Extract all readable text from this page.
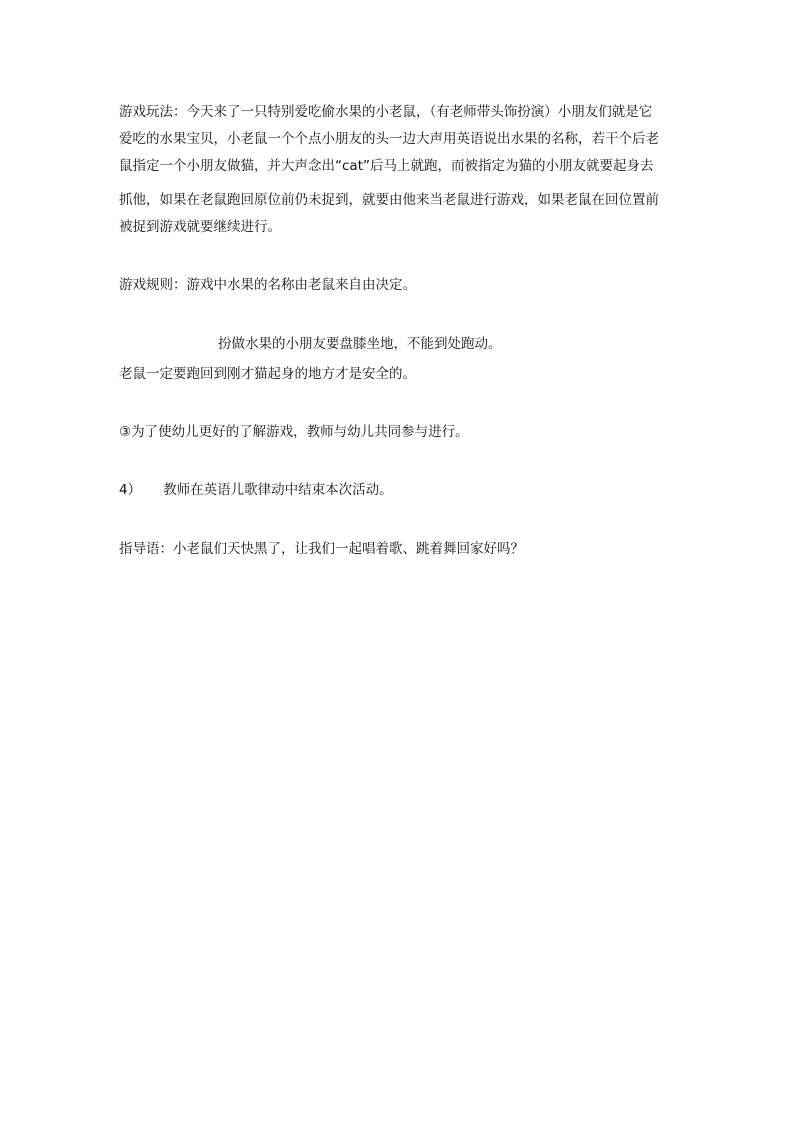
游戏玩法：今天来了一只特别爱吃偷水果的小老鼠，（有老师带头饰扮演）小朋友们就是它
爱吃的水果宝贝，小老鼠一个个点小朋友的头一边大声用英语说出水果的名称，若干个后老
鼠指定一个小朋友做猫，并大声念出“cat”后马上就跑，而被指定为猫的小朋友就要起身去
抓他，如果在老鼠跑回原位前仍未捉到，就要由他来当老鼠进行游戏，如果老鼠在回位置前
被捉到游戏就要继续进行。
游戏规则：游戏中水果的名称由老鼠来自由决定。
扮做水果的小朋友要盘膝坐地，不能到处跑动。
老鼠一定要跑回到刚才猫起身的地方才是安全的。
③为了使幼儿更好的了解游戏，教师与幼儿共同参与进行。
4） 教师在英语儿歌律动中结束本次活动。
指导语：小老鼠们天快黑了，让我们一起唱着歌、跳着舞回家好吗？
